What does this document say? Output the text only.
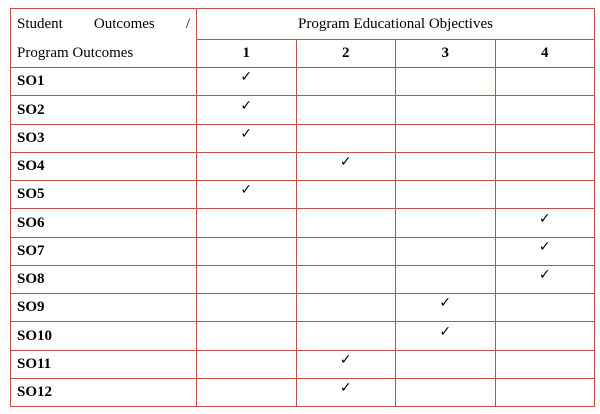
Student Outcomes /	Program Educational Objectives			
Program Outcomes	1	2	3	4
SO1	✓			
SO2	✓			
SO3	✓			
SO4		✓		
SO5	✓			
SO6				✓
SO7				✓
SO8				✓
SO9			✓	
SO10			✓	
SO11		✓		
SO12		✓		
